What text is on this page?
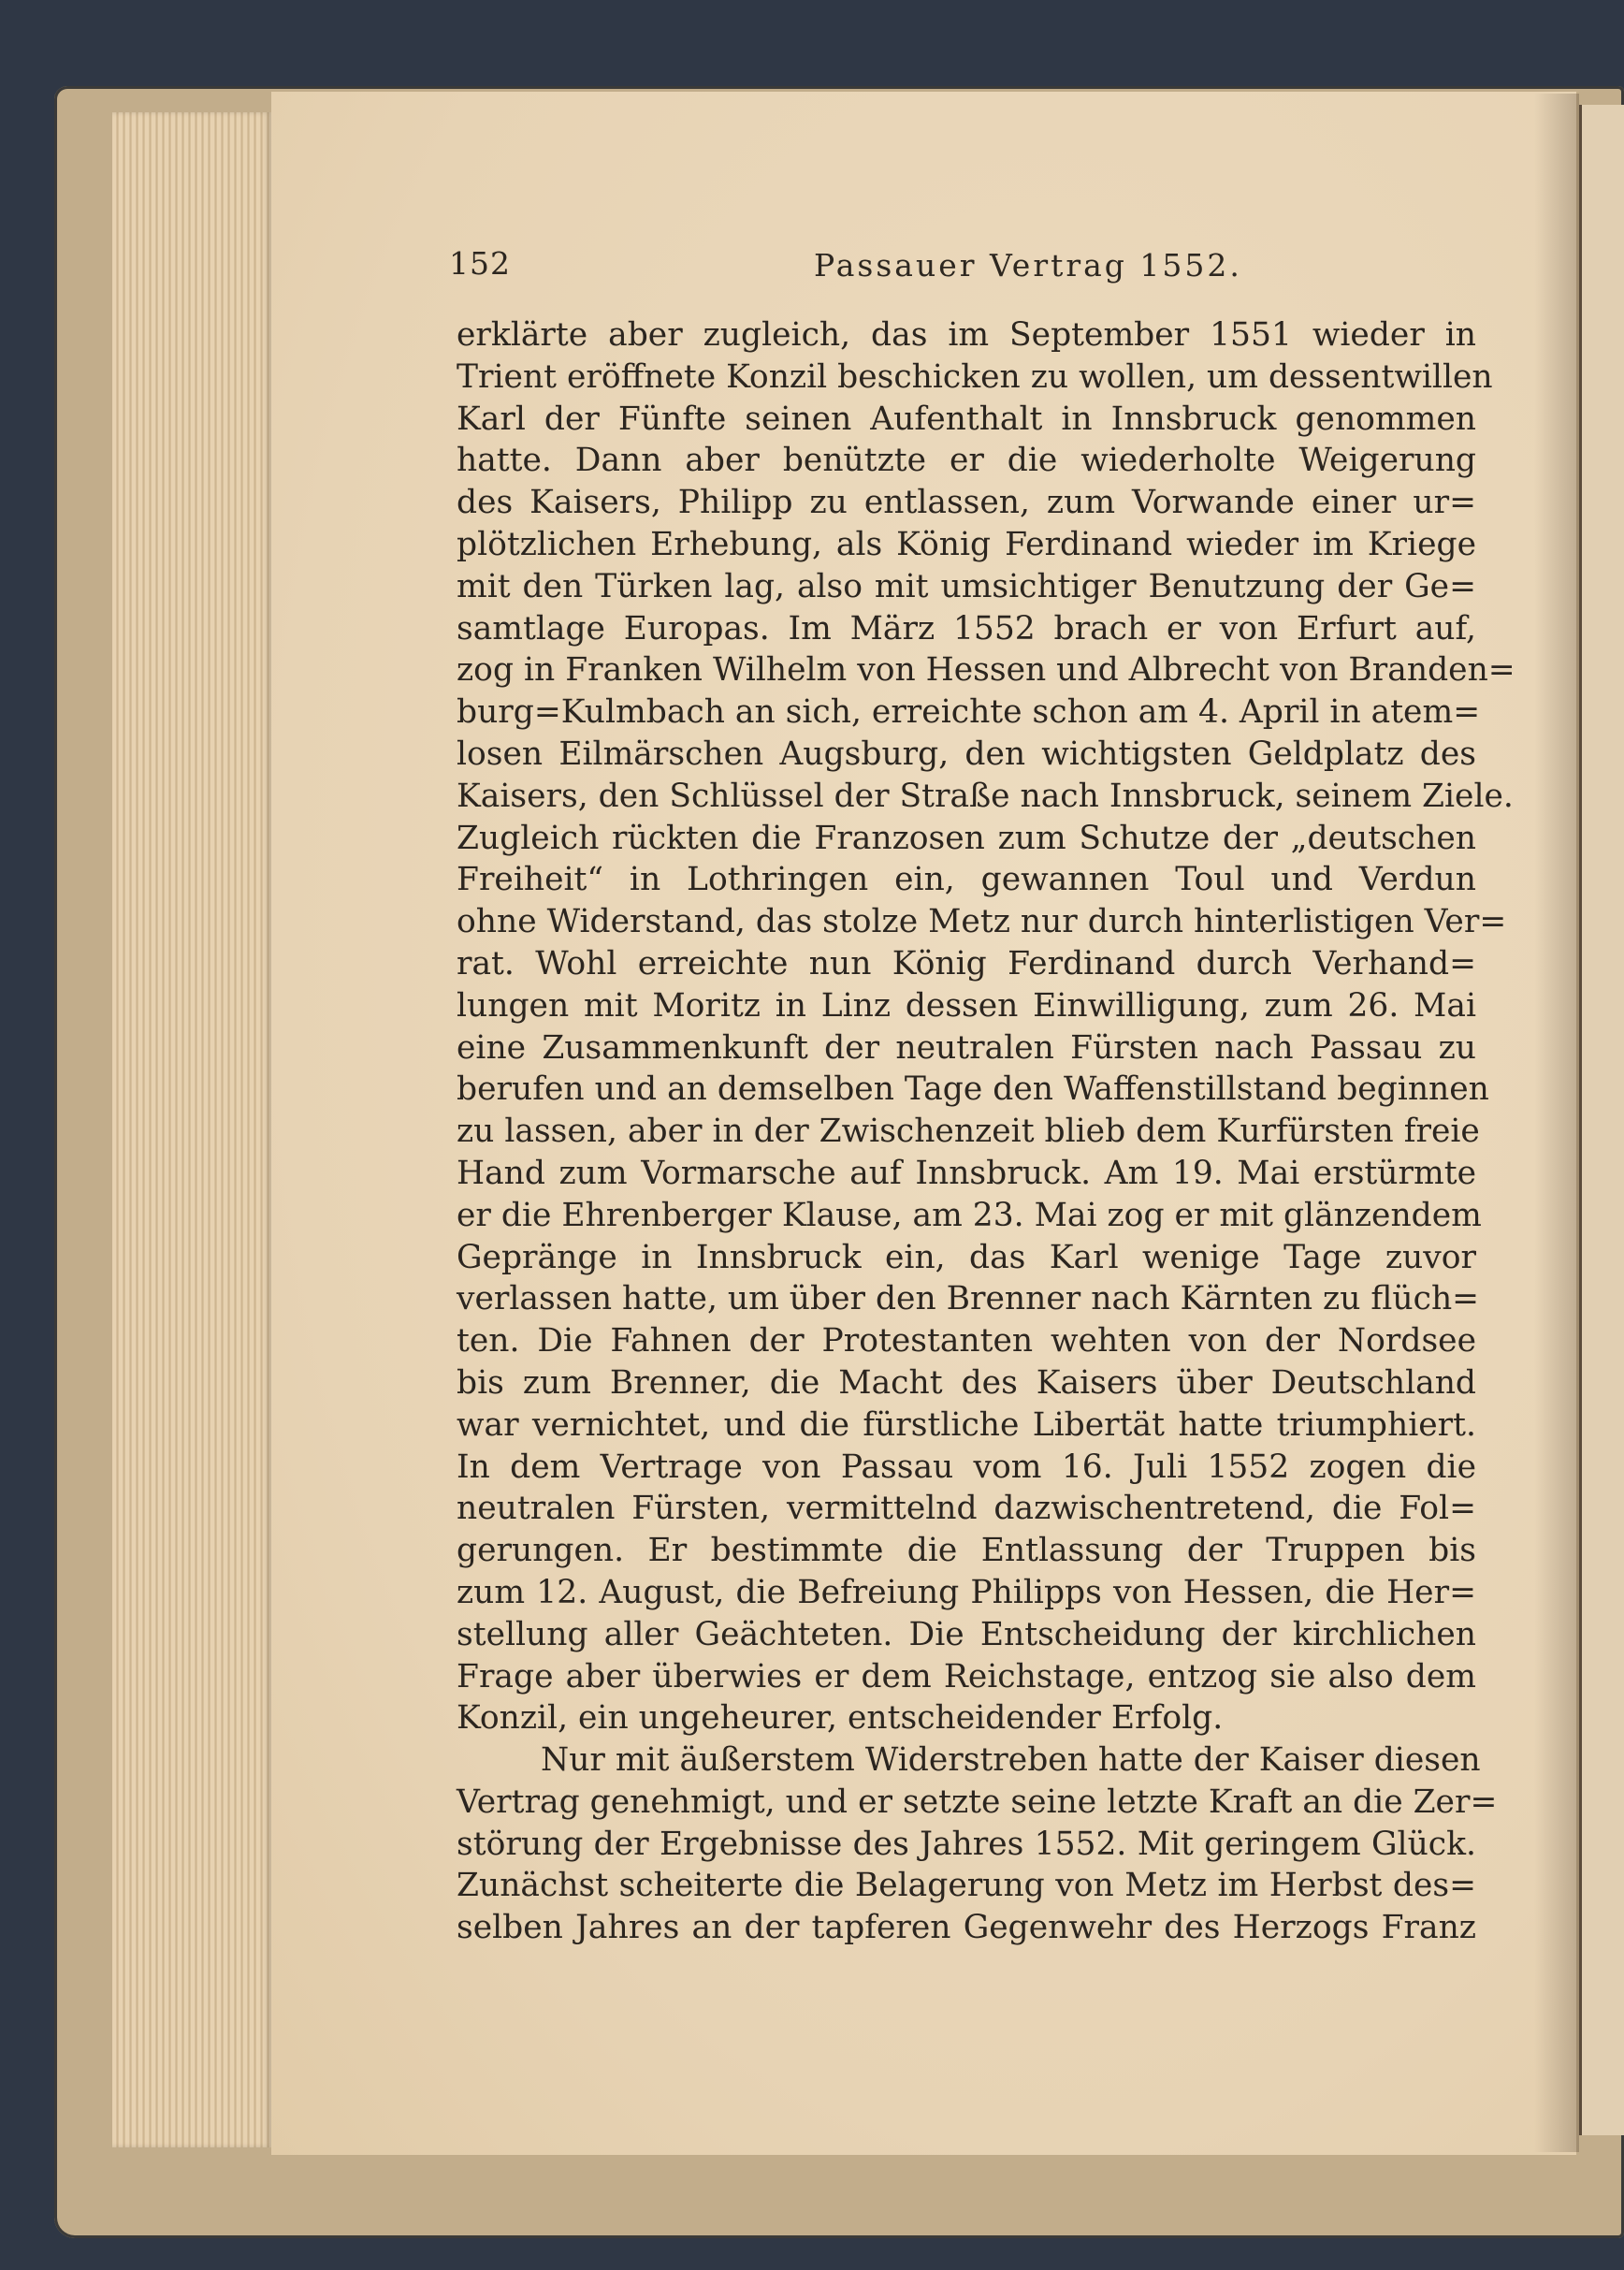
152	Passauer Vertrag 1552.
erklärte aber zugleich, das im September 1551 wieder in
Trient eröffnete Konzil beschicken zu wollen, um dessentwillen
Karl der Fünfte seinen Aufenthalt in Innsbruck genommen
hatte. Dann aber benützte er die wiederholte Weigerung
des Kaisers, Philipp zu entlassen, zum Vorwande einer ur=
plötzlichen Erhebung, als König Ferdinand wieder im Kriege
mit den Türken lag, also mit umsichtiger Benutzung der Ge=
samtlage Europas. Im März 1552 brach er von Erfurt auf,
zog in Franken Wilhelm von Hessen und Albrecht von Branden=
burg=Kulmbach an sich, erreichte schon am 4. April in atem=
losen Eilmärschen Augsburg, den wichtigsten Geldplatz des
Kaisers, den Schlüssel der Straße nach Innsbruck, seinem Ziele.
Zugleich rückten die Franzosen zum Schutze der „deutschen
Freiheit“ in Lothringen ein, gewannen Toul und Verdun
ohne Widerstand, das stolze Metz nur durch hinterlistigen Ver=
rat. Wohl erreichte nun König Ferdinand durch Verhand=
lungen mit Moritz in Linz dessen Einwilligung, zum 26. Mai
eine Zusammenkunft der neutralen Fürsten nach Passau zu
berufen und an demselben Tage den Waffenstillstand beginnen
zu lassen, aber in der Zwischenzeit blieb dem Kurfürsten freie
Hand zum Vormarsche auf Innsbruck. Am 19. Mai erstürmte
er die Ehrenberger Klause, am 23. Mai zog er mit glänzendem
Gepränge in Innsbruck ein, das Karl wenige Tage zuvor
verlassen hatte, um über den Brenner nach Kärnten zu flüch=
ten. Die Fahnen der Protestanten wehten von der Nordsee
bis zum Brenner, die Macht des Kaisers über Deutschland
war vernichtet, und die fürstliche Libertät hatte triumphiert.
In dem Vertrage von Passau vom 16. Juli 1552 zogen die
neutralen Fürsten, vermittelnd dazwischentretend, die Fol=
gerungen. Er bestimmte die Entlassung der Truppen bis
zum 12. August, die Befreiung Philipps von Hessen, die Her=
stellung aller Geächteten. Die Entscheidung der kirchlichen
Frage aber überwies er dem Reichstage, entzog sie also dem
Konzil, ein ungeheurer, entscheidender Erfolg.
Nur mit äußerstem Widerstreben hatte der Kaiser diesen
Vertrag genehmigt, und er setzte seine letzte Kraft an die Zer=
störung der Ergebnisse des Jahres 1552. Mit geringem Glück.
Zunächst scheiterte die Belagerung von Metz im Herbst des=
selben Jahres an der tapferen Gegenwehr des Herzogs Franz
